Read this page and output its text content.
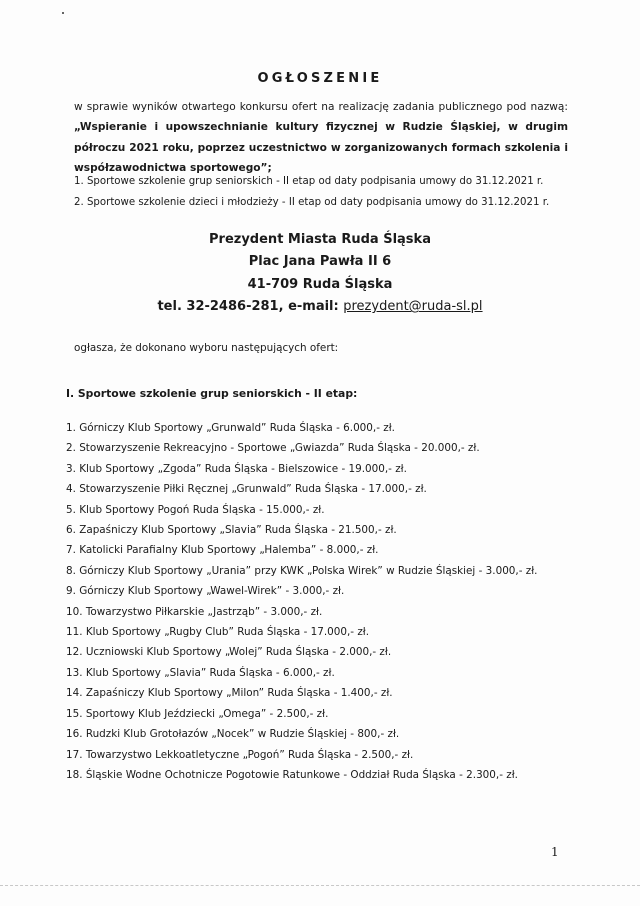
OGŁOSZENIE
w sprawie wyników otwartego konkursu ofert na realizację zadania publicznego pod nazwą: „Wspieranie i upowszechnianie kultury fizycznej w Rudzie Śląskiej, w drugim półroczu 2021 roku, poprzez uczestnictwo w zorganizowanych formach szkolenia i współzawodnictwa sportowego”;
1. Sportowe szkolenie grup seniorskich - II etap od daty podpisania umowy do 31.12.2021 r.
2. Sportowe szkolenie dzieci i młodzieży - II etap od daty podpisania umowy do 31.12.2021 r.
Prezydent Miasta Ruda Śląska
Plac Jana Pawła II 6
41-709 Ruda Śląska
tel. 32-2486-281, e-mail: prezydent@ruda-sl.pl
ogłasza, że dokonano wyboru następujących ofert:
I. Sportowe szkolenie grup seniorskich - II etap:
1. Górniczy Klub Sportowy „Grunwald” Ruda Śląska - 6.000,- zł.
2. Stowarzyszenie Rekreacyjno - Sportowe „Gwiazda” Ruda Śląska - 20.000,- zł.
3. Klub Sportowy „Zgoda” Ruda Śląska - Bielszowice - 19.000,- zł.
4. Stowarzyszenie Piłki Ręcznej „Grunwald” Ruda Śląska - 17.000,- zł.
5. Klub Sportowy Pogoń Ruda Śląska - 15.000,- zł.
6. Zapaśniczy Klub Sportowy „Slavia” Ruda Śląska - 21.500,- zł.
7. Katolicki Parafialny Klub Sportowy „Halemba” - 8.000,- zł.
8. Górniczy Klub Sportowy „Urania” przy KWK „Polska Wirek” w Rudzie Śląskiej - 3.000,- zł.
9. Górniczy Klub Sportowy „Wawel-Wirek” - 3.000,- zł.
10. Towarzystwo Piłkarskie „Jastrząb” - 3.000,- zł.
11. Klub Sportowy „Rugby Club” Ruda Śląska - 17.000,- zł.
12. Uczniowski Klub Sportowy „Wolej” Ruda Śląska - 2.000,- zł.
13. Klub Sportowy „Slavia” Ruda Śląska - 6.000,- zł.
14. Zapaśniczy Klub Sportowy „Milon” Ruda Śląska - 1.400,- zł.
15. Sportowy Klub Jeździecki „Omega” - 2.500,- zł.
16. Rudzki Klub Grotołazów „Nocek” w Rudzie Śląskiej - 800,- zł.
17. Towarzystwo Lekkoatletyczne „Pogoń” Ruda Śląska - 2.500,- zł.
18. Śląskie Wodne Ochotnicze Pogotowie Ratunkowe - Oddział Ruda Śląska - 2.300,- zł.
1
